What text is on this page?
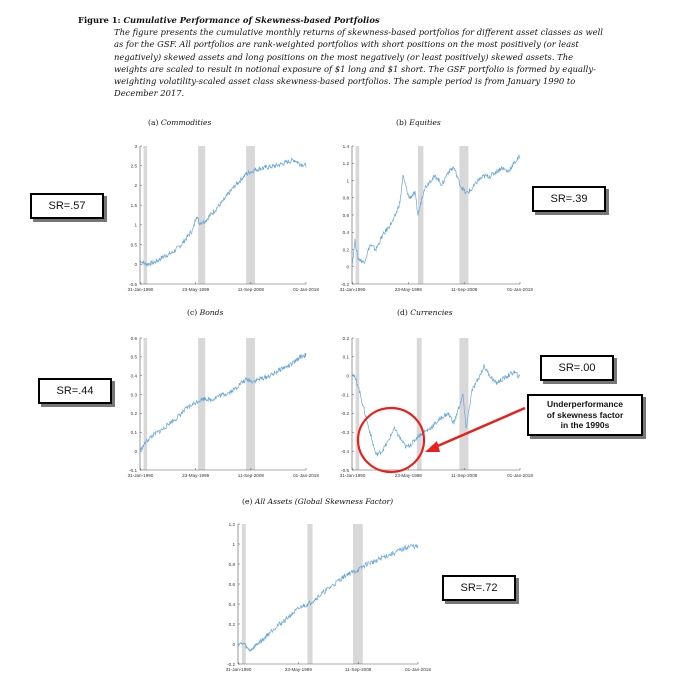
Figure 1: Cumulative Performance of Skewness-based Portfolios
The figure presents the cumulative monthly returns of skewness-based portfolios for different asset classes as well as for the GSF. All portfolios are rank-weighted portfolios with short positions on the most positively (or least negatively) skewed assets and long positions on the most negatively (or least positively) skewed assets. The weights are scaled to result in notional exposure of $1 long and $1 short. The GSF portfolio is formed by equally-weighting volatility-scaled asset class skewness-based portfolios. The sample period is from January 1990 to December 2017.
(a) Commodities	(b) Equities
(c) Bonds	(d) Currencies
(e) All Assets (Global Skewness Factor)
-0.5
0
0.5
1
1.5
2
2.5
3
31-Jan-1990	23-May-1999	11-Sep-2008	01-Jan-2018
-0.2
0
0.2
0.4
0.6
0.8
1
1.2
1.4
31-Jan-1990	23-May-1999	11-Sep-2008	01-Jan-2018
-0.1
0
0.1
0.2
0.3
0.4
0.5
0.6
31-Jan-1990	23-May-1999	11-Sep-2008	01-Jan-2018
-0.5
-0.4
-0.3
-0.2
-0.1
0
0.1
0.2
31-Jan-1990	23-May-1999	11-Sep-2008	01-Jan-2018
-0.2
0
0.2
0.4
0.6
0.8
1
1.2
31-Jan-1990	23-May-1999	11-Sep-2008	01-Jan-2018
SR=.57
SR=.39
SR=.44
SR=.00
SR=.72
Underperformance
of skewness factor
in the 1990s
